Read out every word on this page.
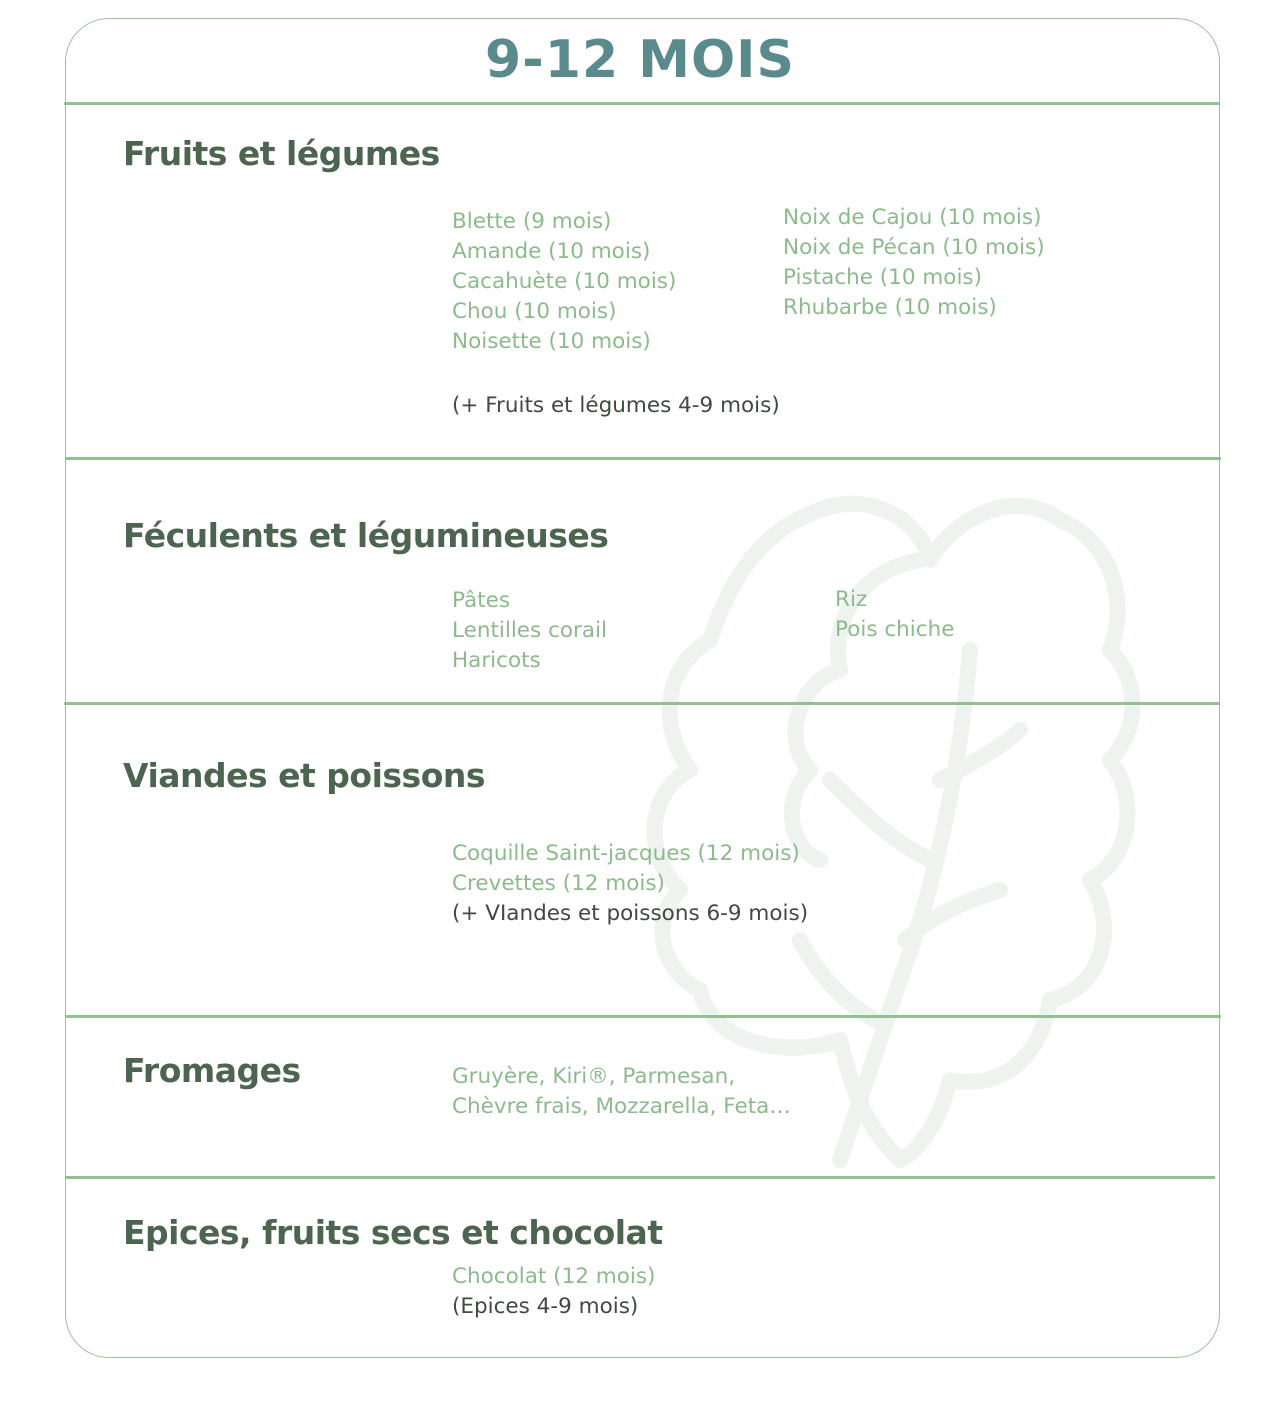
9-12 MOIS
Fruits et légumes
Blette (9 mois)
Amande (10 mois)
Cacahuète (10 mois)
Chou (10 mois)
Noisette (10 mois)
Noix de Cajou (10 mois)
Noix de Pécan (10 mois)
Pistache (10 mois)
Rhubarbe (10 mois)
(+ Fruits et légumes 4-9 mois)
Féculents et légumineuses
Pâtes
Lentilles corail
Haricots
Riz
Pois chiche
Viandes et poissons
Coquille Saint-jacques (12 mois)
Crevettes (12 mois)
(+ VIandes et poissons 6-9 mois)
Fromages	Gruyère, Kiri®, Parmesan,
Chèvre frais, Mozzarella, Feta…
Epices, fruits secs et chocolat
Chocolat (12 mois)
(Epices 4-9 mois)
